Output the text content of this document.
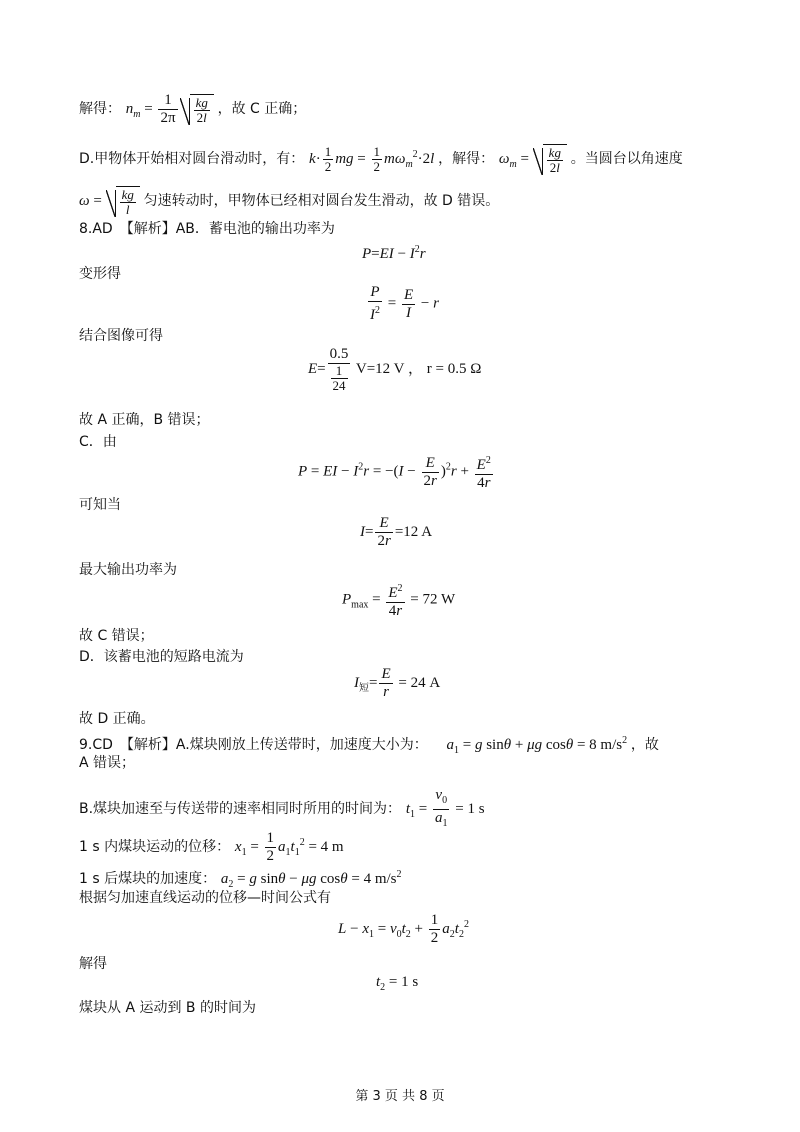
解得： $n_m = \frac{1}{2\pi} \frac{kg}{2l}$ ，故 C 正确；
D.甲物体开始相对圆台滑动时，有： $k\cdot \frac{1}{2}$ mg = $\frac{1}{2} m\omega_m^2\cdot 2l$ ，解得： $\omega_m = \frac{kg}{2l}$ 。当圆台以角速度
$\omega = \frac{kg}{l}$ 匀速转动时，甲物体已经相对圆台发生滑动，故 D 错误。
8.AD　【解析】AB．蓄电池的输出功率为
$P=EI - I^2r$
变形得
$\frac{P}{I^2} = \frac{E}{I} - r$
结合图像可得
$E= \frac{0.5}{\frac{1}{24}} V=12$ V ， r = 0.5 Ω
故 A 正确，B 错误；
C．由
P = EI − $I^2r = -(I - \frac{E}{2r} )^2r + \frac{E^2}{4r}$
可知当
$I= \frac{E}{2r} =12$ A
最大输出功率为
$P_{max} = \frac{E^2}{4r} = 72$ W
故 C 错误；
D．该蓄电池的短路电流为
$I_短= \frac{E}{r} = 24$ A
故 D 正确。
9.CD　【解析】A.煤块刚放上传送带时，加速度大小为： $a_1 = g$ sinθ + μg cosθ = 8 $m/s^2$ ，故
A 错误；
B.煤块加速至与传送带的速率相同时所用的时间为： $t_1 = \frac{v_0}{a_1} = 1$ s
1 s 内煤块运动的位移： $x_1 = \frac{1}{2} a_1t_1^2 = 4$ m
1 s 后煤块的加速度： $a_2 = g$ sinθ − μg cosθ = 4 $m/s^2$
根据匀加速直线运动的位移—时间公式有
$L - x_1 = v_0t_2 + \frac{1}{2} a_2t_2^2$
解得
$t_2 = 1$ s
煤块从 A 运动到 B 的时间为
第 3 页 共 8 页
